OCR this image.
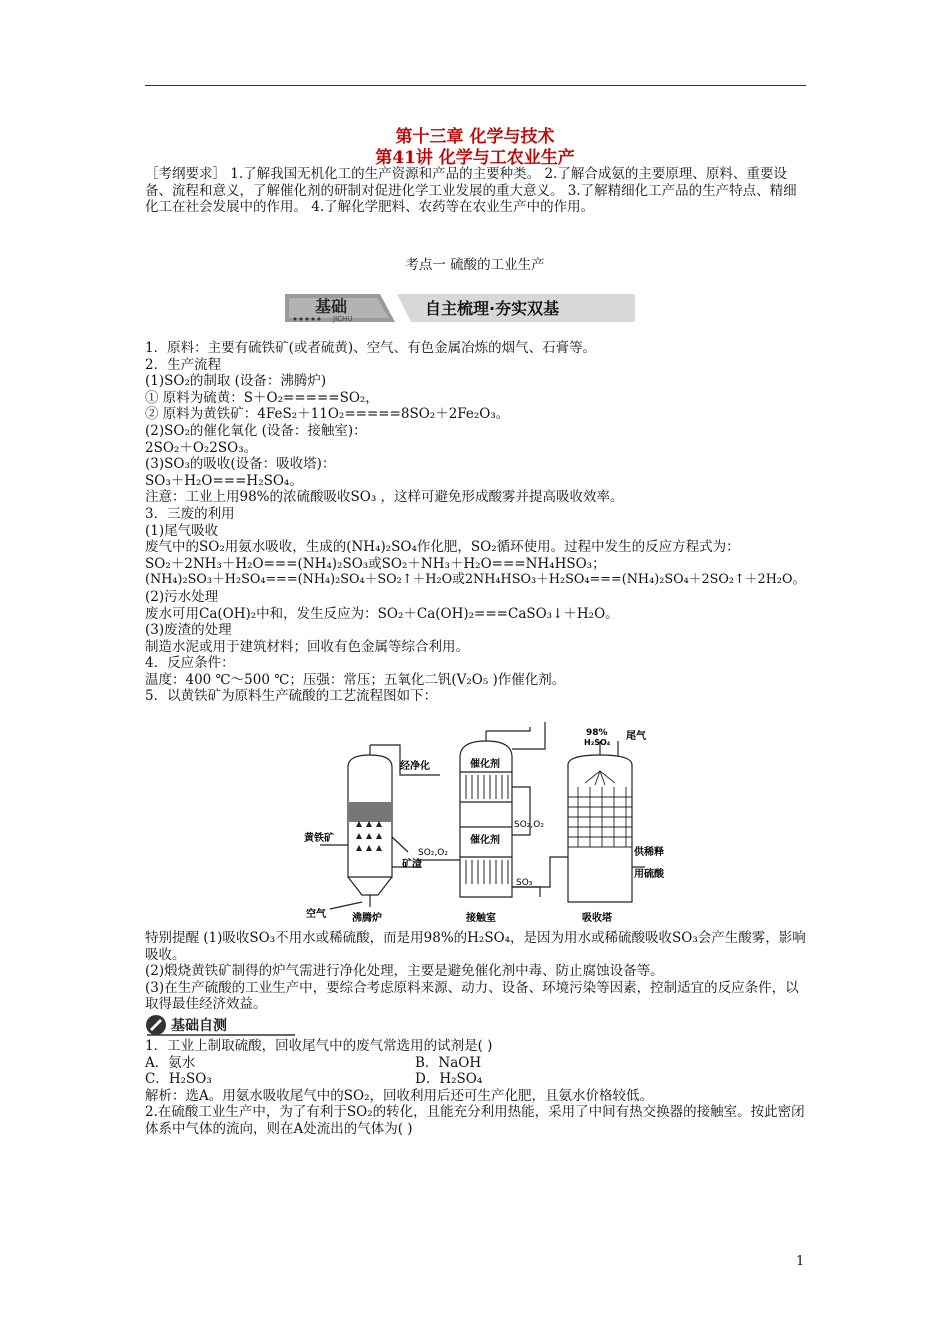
第十三章 化学与技术
第41讲 化学与工农业生产
［考纲要求］ 1.了解我国无机化工的生产资源和产品的主要种类。 2.了解合成氨的主要原理、原料、重要设备、流程和意义，了解催化剂的研制对促进化学工业发展的重大意义。 3.了解精细化工产品的生产特点、精细化工在社会发展中的作用。 4.了解化学肥料、农药等在农业生产中的作用。
考点一 硫酸的工业生产
基础
JICHU
自主梳理·夯实双基
1．原料：主要有硫铁矿(或者硫黄)、空气、有色金属冶炼的烟气、石膏等。
2．生产流程
(1)SO₂的制取 (设备：沸腾炉)
① 原料为硫黄：S＋O₂=====SO₂，
② 原料为黄铁矿：4FeS₂＋11O₂=====8SO₂＋2Fe₂O₃。
(2)SO₂的催化氧化 (设备：接触室)：
2SO₂＋O₂2SO₃。
(3)SO₃的吸收(设备：吸收塔)：
SO₃＋H₂O===H₂SO₄。
注意：工业上用98%的浓硫酸吸收SO₃ ，这样可避免形成酸雾并提高吸收效率。
3．三废的利用
(1)尾气吸收
废气中的SO₂用氨水吸收，生成的(NH₄)₂SO₄作化肥，SO₂循环使用。过程中发生的反应方程式为：
SO₂＋2NH₃＋H₂O===(NH₄)₂SO₃或SO₂＋NH₃＋H₂O===NH₄HSO₃；
(NH₄)₂SO₃＋H₂SO₄===(NH₄)₂SO₄＋SO₂↑＋H₂O或2NH₄HSO₃＋H₂SO₄===(NH₄)₂SO₄＋2SO₂↑＋2H₂O。
(2)污水处理
废水可用Ca(OH)₂中和，发生反应为：SO₂＋Ca(OH)₂===CaSO₃↓＋H₂O。
(3)废渣的处理
制造水泥或用于建筑材料；回收有色金属等综合利用。
4．反应条件：
温度：400 ℃～500 ℃；压强：常压；五氧化二钒(V₂O₅ )作催化剂。
5．以黄铁矿为原料生产硫酸的工艺流程图如下：
黄铁矿
空气
矿渣
经净化
SO₂,O₂
沸腾炉
催化剂
催化剂
SO₂,O₂
SO₃
接触室
98%
H₂SO₄
尾气
供稀释
用硫酸
吸收塔
特别提醒 (1)吸收SO₃不用水或稀硫酸，而是用98%的H₂SO₄，是因为用水或稀硫酸吸收SO₃会产生酸雾，影响吸收。
(2)煅烧黄铁矿制得的炉气需进行净化处理，主要是避免催化剂中毒、防止腐蚀设备等。
(3)在生产硫酸的工业生产中，要综合考虑原料来源、动力、设备、环境污染等因素，控制适宜的反应条件，以取得最佳经济效益。
基础自测
1．工业上制取硫酸，回收尾气中的废气常选用的试剂是( )
A．氨水	B．NaOH
C．H₂SO₃	D．H₂SO₄
解析：选A。用氨水吸收尾气中的SO₂，回收利用后还可生产化肥，且氨水价格较低。
2.在硫酸工业生产中，为了有利于SO₂的转化，且能充分利用热能，采用了中间有热交换器的接触室。按此密闭体系中气体的流向，则在A处流出的气体为( )
1
